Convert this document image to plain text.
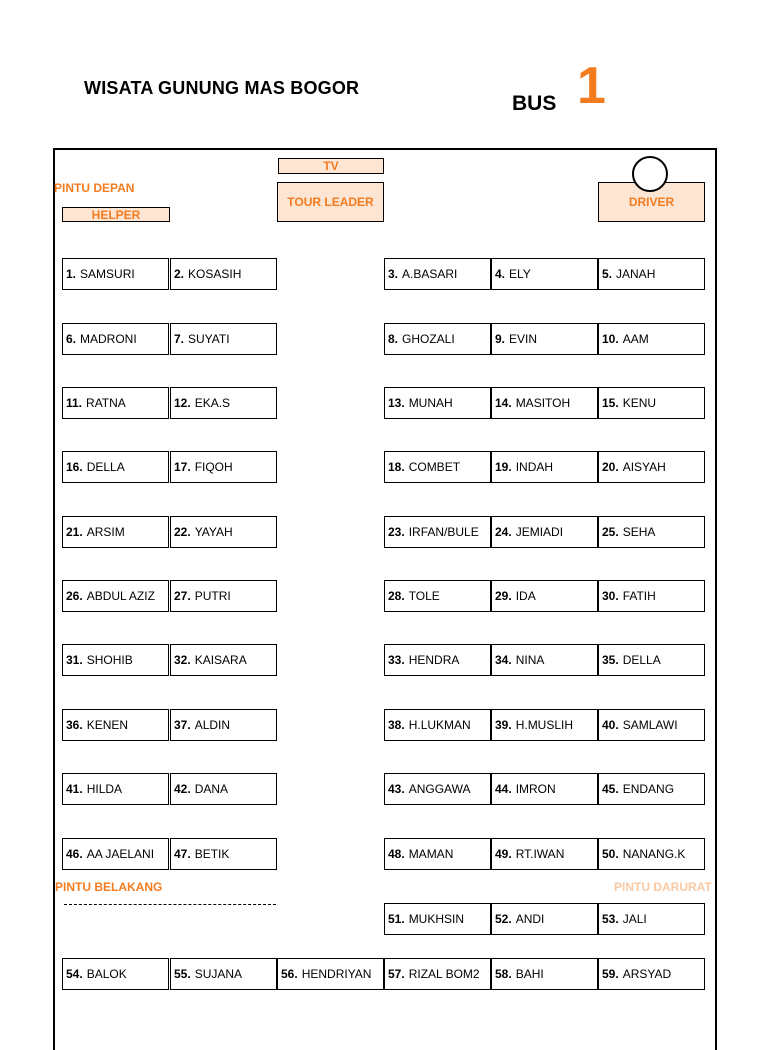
WISATA GUNUNG MAS BOGOR
BUS 1
TV
TOUR LEADER
PINTU DEPAN
HELPER
DRIVER
PINTU BELAKANG	PINTU DARURAT
1. SAMSURI	2. KOSASIH	3. A.BASARI	4. ELY	5. JANAH
6. MADRONI	7. SUYATI	8. GHOZALI	9. EVIN	10. AAM
11. RATNA	12. EKA.S	13. MUNAH	14. MASITOH	15. KENU
16. DELLA	17. FIQOH	18. COMBET	19. INDAH	20. AISYAH
21. ARSIM	22. YAYAH	23. IRFAN/BULE 24. JEMIADI	25. SEHA
26. ABDUL AZIZ 27. PUTRI	28. TOLE	29. IDA	30. FATIH
31. SHOHIB	32. KAISARA	33. HENDRA	34. NINA	35. DELLA
36. KENEN	37. ALDIN	38. H.LUKMAN 39. H.MUSLIH 40. SAMLAWI
41. HILDA	42. DANA	43. ANGGAWA 44. IMRON	45. ENDANG
46. AA JAELANI 47. BETIK	48. MAMAN	49. RT.IWAN	50. NANANG.K
51. MUKHSIN	52. ANDI	53. JALI
54. BALOK	55. SUJANA	56. HENDRIYAN 57. RIZAL BOM2 58. BAHI	59. ARSYAD
